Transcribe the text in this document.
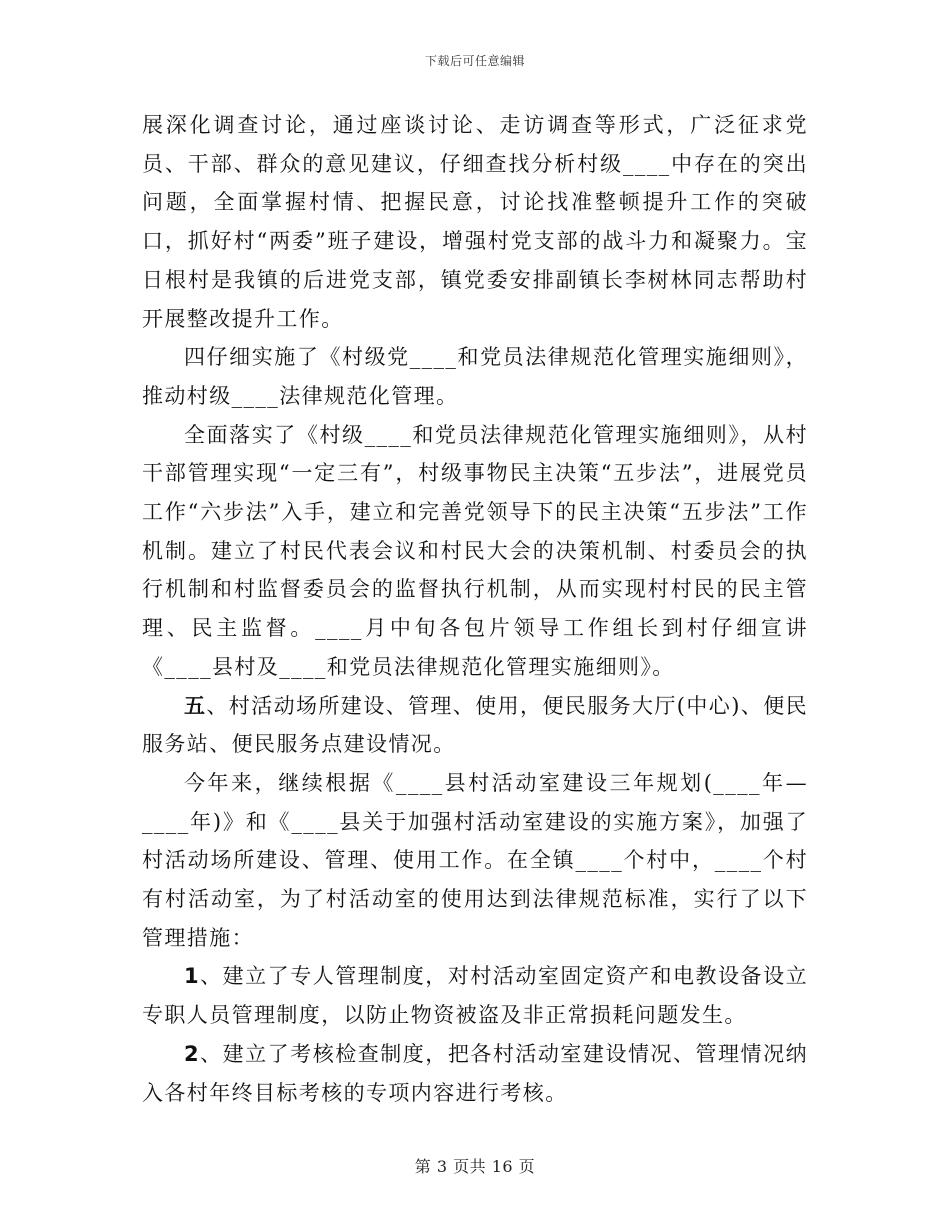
下载后可任意编辑

展深化调查讨论，通过座谈讨论、走访调查等形式，广泛征求党员、干部、群众的意见建议，仔细查找分析村级____中存在的突出问题，全面掌握村情、把握民意，讨论找准整顿提升工作的突破口，抓好村“两委”班子建设，增强村党支部的战斗力和凝聚力。宝日根村是我镇的后进党支部，镇党委安排副镇长李树林同志帮助村开展整改提升工作。

四仔细实施了《村级党____和党员法律规范化管理实施细则》，推动村级____法律规范化管理。

全面落实了《村级____和党员法律规范化管理实施细则》，从村干部管理实现“一定三有”，村级事物民主决策“五步法”，进展党员工作“六步法”入手，建立和完善党领导下的民主决策“五步法”工作机制。建立了村民代表会议和村民大会的决策机制、村委员会的执行机制和村监督委员会的监督执行机制，从而实现村村民的民主管理、民主监督。____月中旬各包片领导工作组长到村仔细宣讲《____县村及____和党员法律规范化管理实施细则》。

五、村活动场所建设、管理、使用，便民服务大厅(中心)、便民服务站、便民服务点建设情况。

今年来，继续根据《____县村活动室建设三年规划(____年—____年)》和《____县关于加强村活动室建设的实施方案》，加强了村活动场所建设、管理、使用工作。在全镇____个村中，____个村有村活动室，为了村活动室的使用达到法律规范标准，实行了以下管理措施：

1、建立了专人管理制度，对村活动室固定资产和电教设备设立专职人员管理制度，以防止物资被盗及非正常损耗问题发生。

2、建立了考核检查制度，把各村活动室建设情况、管理情况纳入各村年终目标考核的专项内容进行考核。

第 3 页共 16 页
